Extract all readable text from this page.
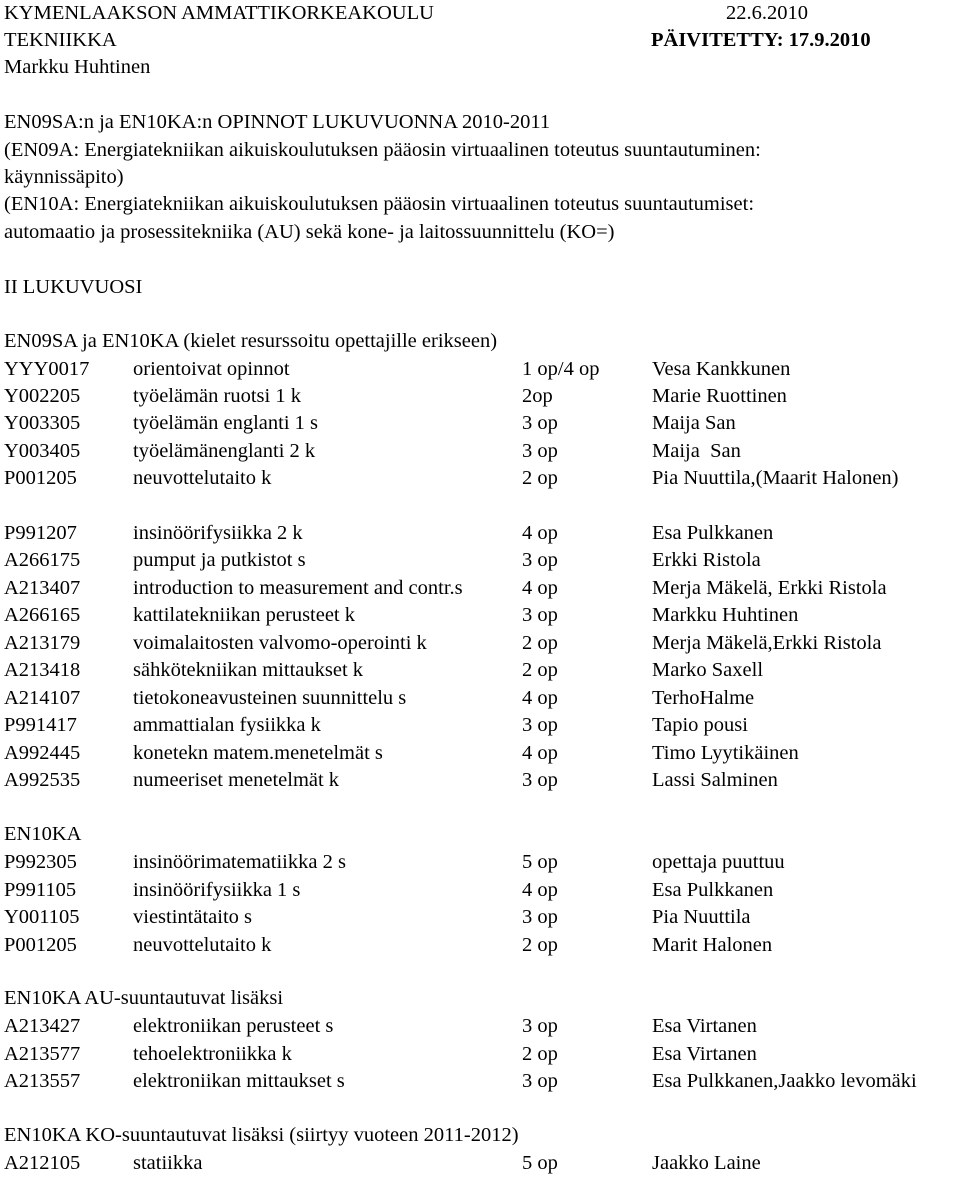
KYMENLAAKSON AMMATTIKORKEAKOULU	22.6.2010
TEKNIIKKA	PÄIVITETTY: 17.9.2010
Markku Huhtinen
EN09SA:n ja EN10KA:n OPINNOT LUKUVUONNA 2010-2011
(EN09A: Energiatekniikan aikuiskoulutuksen pääosin virtuaalinen toteutus suuntautuminen:
käynnissäpito)
(EN10A: Energiatekniikan aikuiskoulutuksen pääosin virtuaalinen toteutus suuntautumiset:
automaatio ja prosessitekniika (AU) sekä kone- ja laitossuunnittelu (KO=)
II LUKUVUOSI
EN09SA ja EN10KA (kielet resurssoitu opettajille erikseen)
EN10KA
EN10KA AU-suuntautuvat lisäksi
EN10KA KO-suuntautuvat lisäksi (siirtyy vuoteen 2011-2012)
YYY0017 orientoivat opinnot	1 op/4 op	Vesa Kankkunen
Y002205	työelämän ruotsi 1 k	2op	Marie Ruottinen
Y003305	työelämän englanti 1 s	3 op	Maija San
Y003405	työelämänenglanti 2 k	3 op	Maija  San
P001205	neuvottelutaito k	2 op	Pia Nuuttila,(Maarit Halonen)
P991207	insinöörifysiikka 2 k	4 op	Esa Pulkkanen
A266175	pumput ja putkistot s	3 op	Erkki Ristola
A213407	introduction to measurement and contr.s	4 op	Merja Mäkelä, Erkki Ristola
A266165	kattilatekniikan perusteet k	3 op	Markku Huhtinen
A213179	voimalaitosten valvomo-operointi k	2 op	Merja Mäkelä,Erkki Ristola
A213418	sähkötekniikan mittaukset k	2 op	Marko Saxell
A214107	tietokoneavusteinen suunnittelu s	4 op	TerhoHalme
P991417	ammattialan fysiikka k	3 op	Tapio pousi
A992445	konetekn matem.menetelmät s	4 op	Timo Lyytikäinen
A992535	numeeriset menetelmät k	3 op	Lassi Salminen
P992305	insinöörimatematiikka 2 s	5 op	opettaja puuttuu
P991105	insinöörifysiikka 1 s	4 op	Esa Pulkkanen
Y001105	viestintätaito s	3 op	Pia Nuuttila
P001205	neuvottelutaito k	2 op	Marit Halonen
A213427	elektroniikan perusteet s	3 op	Esa Virtanen
A213577	tehoelektroniikka k	2 op	Esa Virtanen
A213557	elektroniikan mittaukset s	3 op	Esa Pulkkanen,Jaakko levomäki
A212105	statiikka	5 op	Jaakko Laine
